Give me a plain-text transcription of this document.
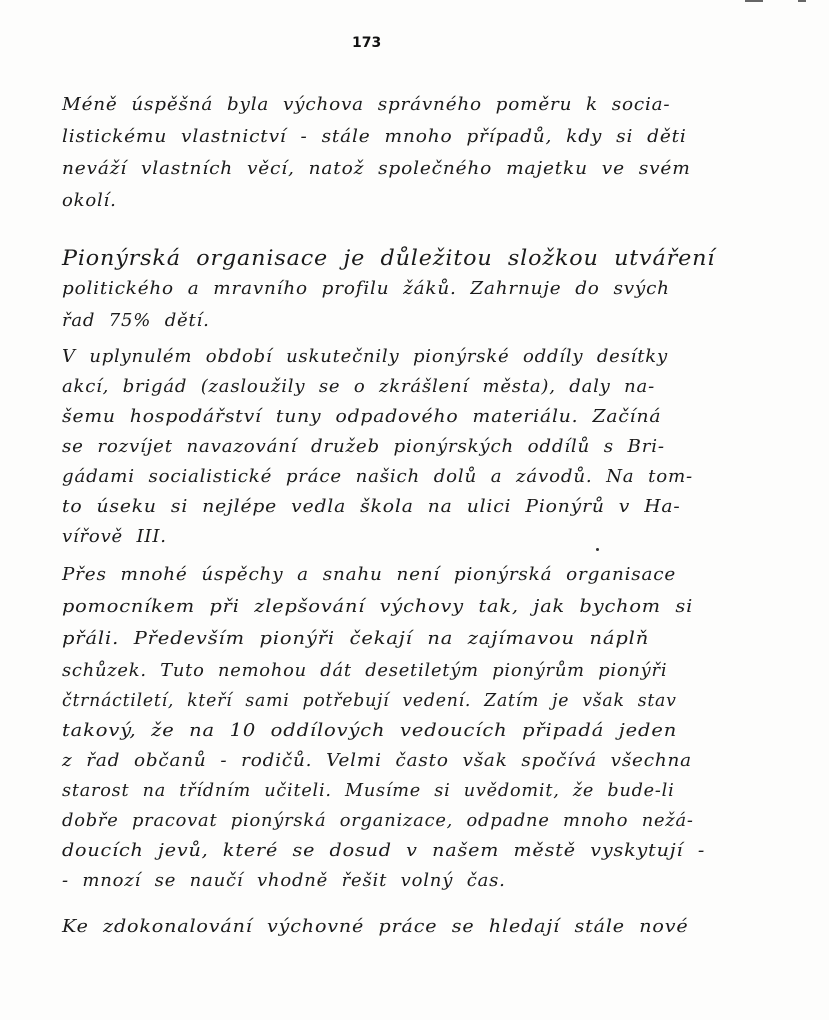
173
Méně úspěšná byla výchova správného poměru k socia-
listickému vlastnictví - stále mnoho případů, kdy si děti
neváží vlastních věcí, natož společného majetku ve svém
okolí.
Pionýrská organisace je důležitou složkou utváření
politického a mravního profilu žáků. Zahrnuje do svých
řad 75% dětí.
V uplynulém období uskutečnily pionýrské oddíly desítky
akcí, brigád (zasloužily se o zkrášlení města), daly na-
šemu hospodářství tuny odpadového materiálu. Začíná
se rozvíjet navazování družeb pionýrských oddílů s Bri-
gádami socialistické práce našich dolů a závodů. Na tom-
to úseku si nejlépe vedla škola na ulici Pionýrů v Ha-
vířově III.
Přes mnohé úspěchy a snahu není pionýrská organisace
pomocníkem při zlepšování výchovy tak, jak bychom si
přáli. Především pionýři čekají na zajímavou náplň
schůzek. Tuto nemohou dát desetiletým pionýrům pionýři
čtrnáctiletí, kteří sami potřebují vedení. Zatím je však stav
takový, že na 10 oddílových vedoucích připadá jeden
z řad občanů - rodičů. Velmi často však spočívá všechna
starost na třídním učiteli. Musíme si uvědomit, že bude-li
dobře pracovat pionýrská organizace, odpadne mnoho nežá-
doucích jevů, které se dosud v našem městě vyskytují -
- mnozí se naučí vhodně řešit volný čas.
Ke zdokonalování výchovné práce se hledají stále nové
